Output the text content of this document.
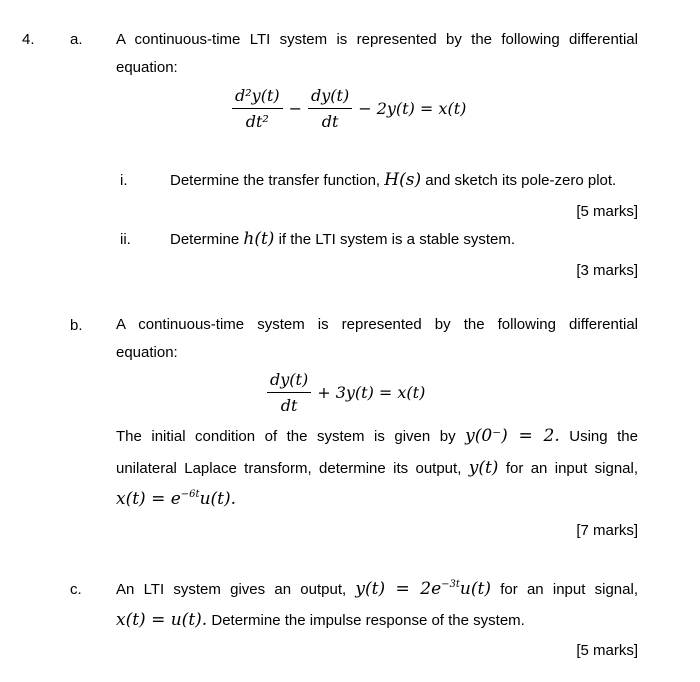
4. a. A continuous-time LTI system is represented by the following differential
equation:
$\frac{\text{d²y(t)}}{\text{dt²}} - \frac{dy(t)}{dt} - 2y(t) = x(t)$
i.	Determine the transfer function, H(s) and sketch its pole-zero plot.
[5 marks]
ii.	Determine h(t) if the LTI system is a stable system.
[3 marks]
b. A continuous-time system is represented by the following differential
equation:
$\frac{dy(t)}{dt} + 3y(t) = x(t)$
The initial condition of the system is given by y(0⁻) = 2. Using the
unilateral Laplace transform, determine its output, y(t) for an input signal,
$x(t) = e^{-6t}u(t)$.
[7 marks]
c. An LTI system gives an output, $y(t) = 2e^{-3t}u(t)$ for an input signal,
x(t) = u(t). Determine the impulse response of the system.
[5 marks]
